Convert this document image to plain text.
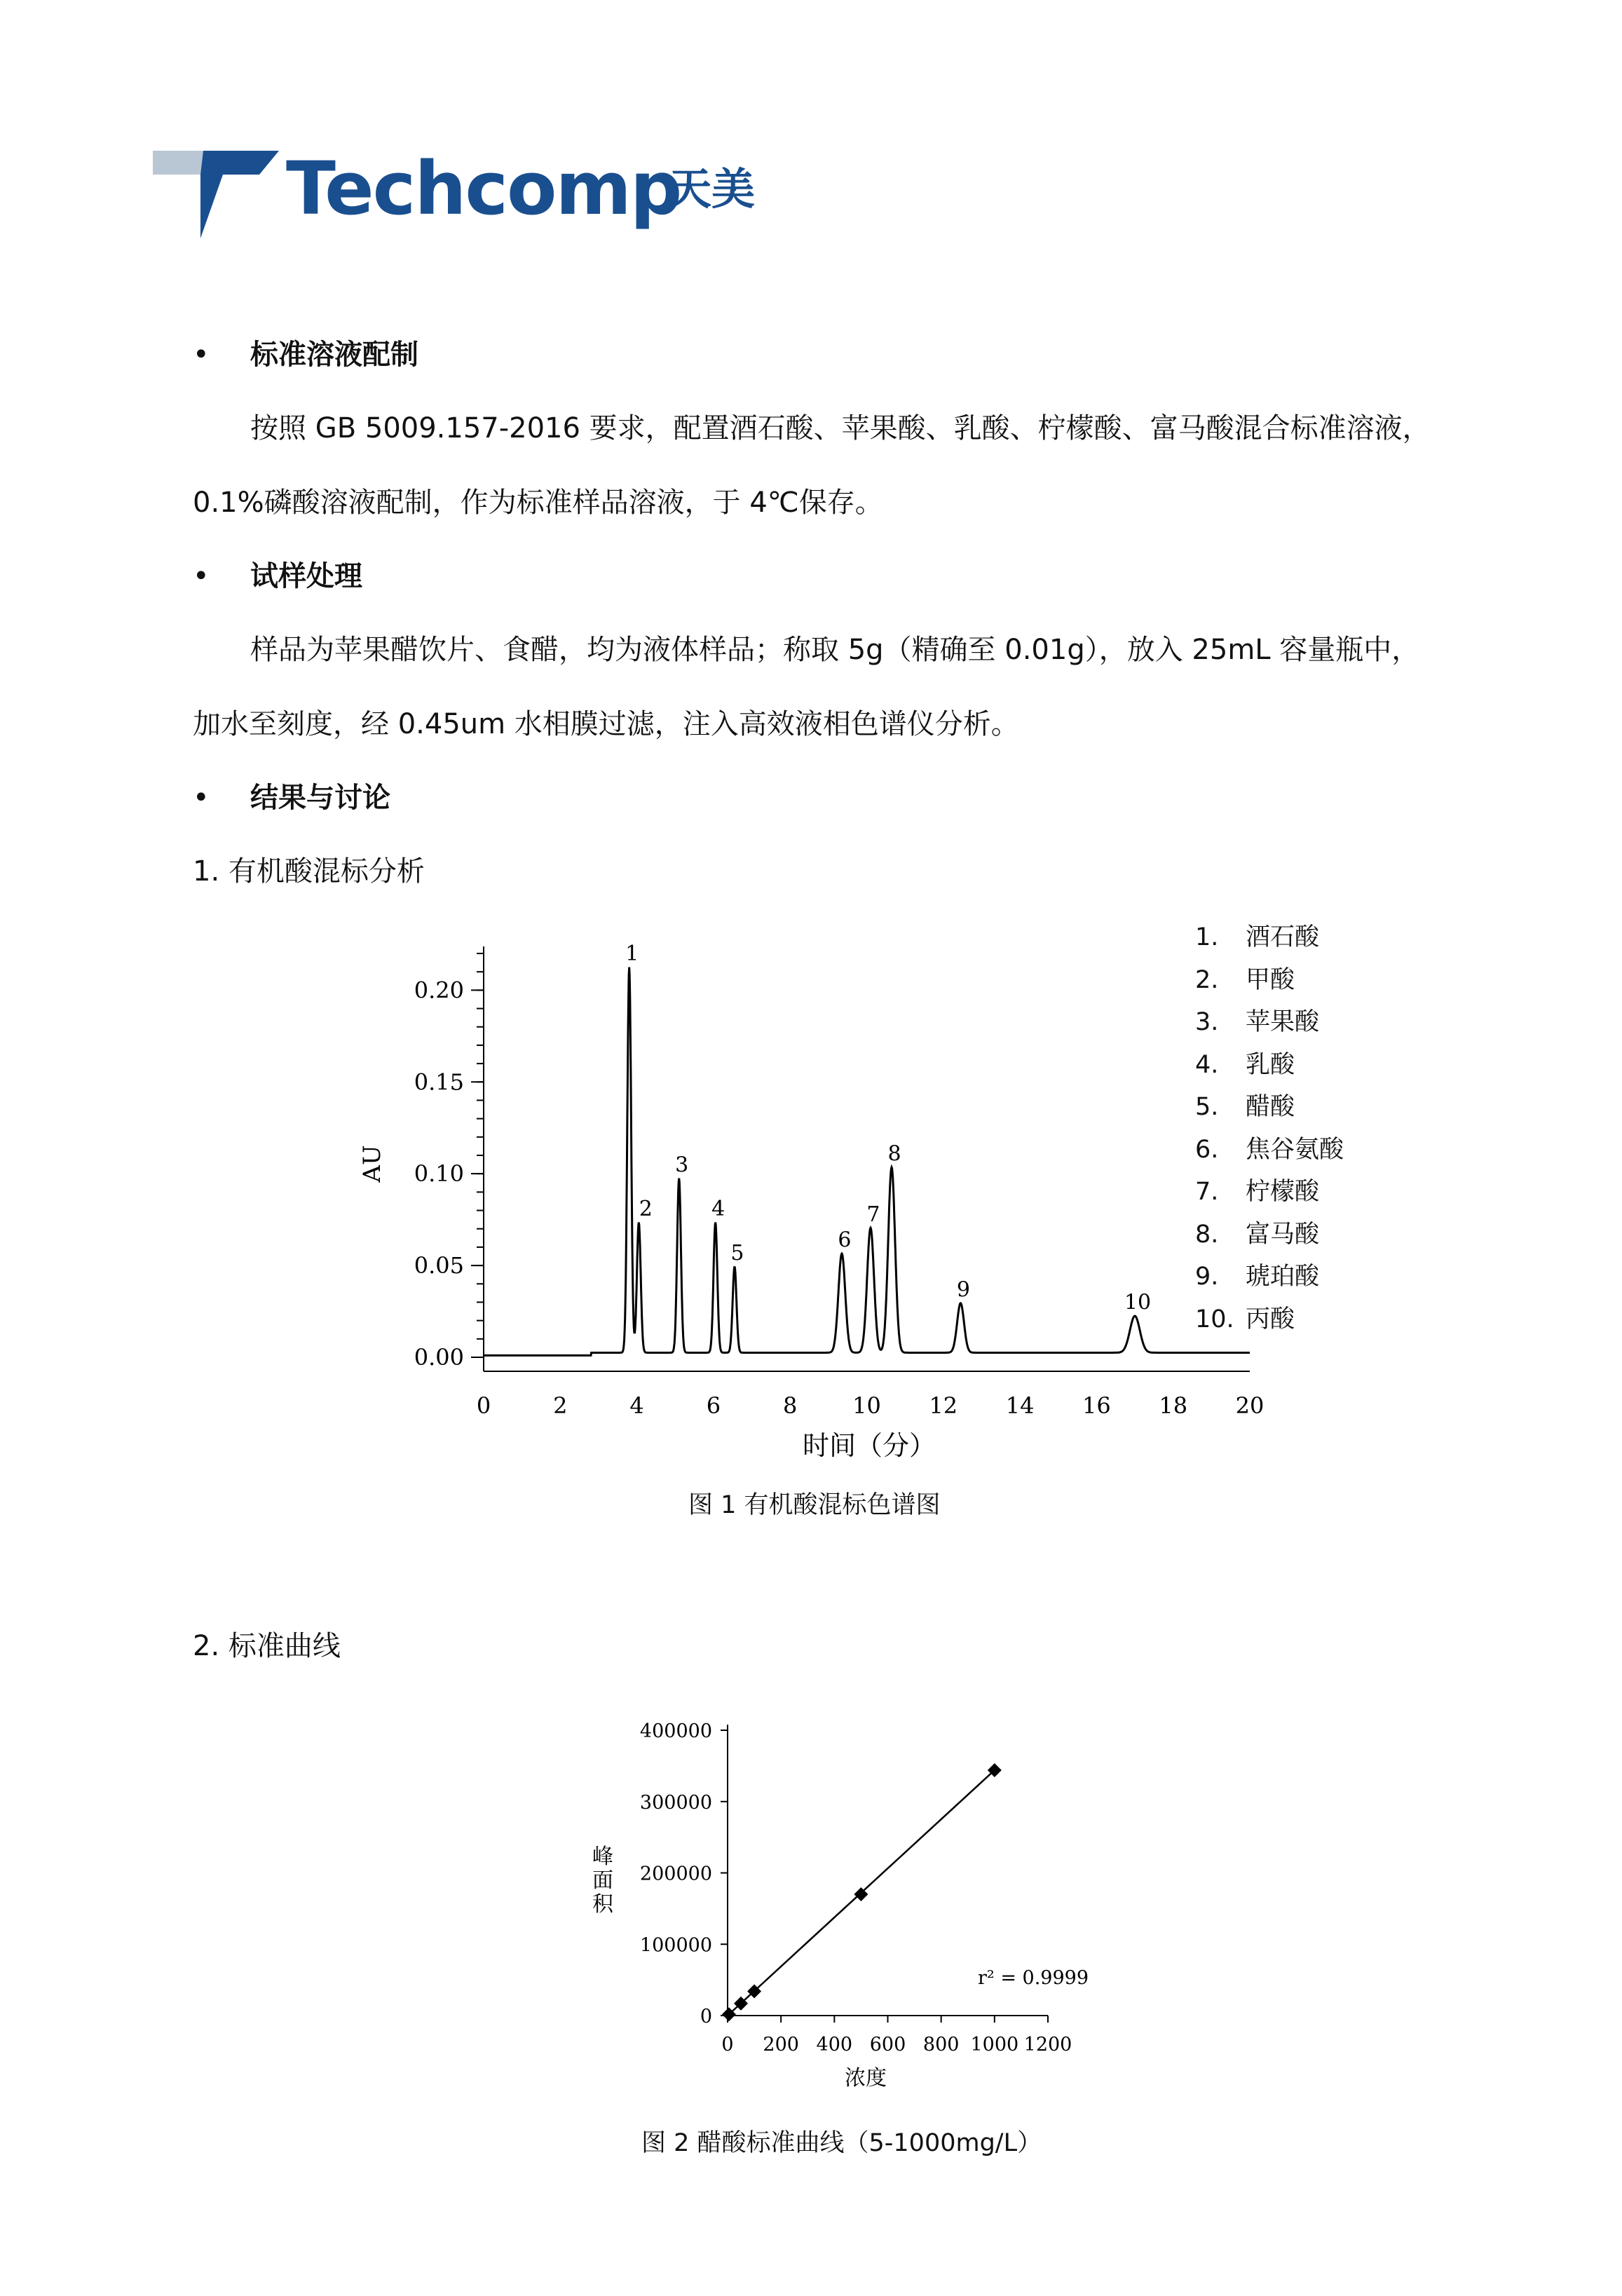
Techcomp
天美
• 标准溶液配制
按照 GB 5009.157-2016 要求，配置酒石酸、苹果酸、乳酸、柠檬酸、富马酸混合标准溶液，
0.1%磷酸溶液配制，作为标准样品溶液，于 4℃保存。
• 试样处理
样品为苹果醋饮片、食醋，均为液体样品；称取 5g（精确至 0.01g），放入 25mL 容量瓶中，
加水至刻度，经 0.45um 水相膜过滤，注入高效液相色谱仪分析。
• 结果与讨论
1. 有机酸混标分析
0.00
0.05
0.10
0.15
0.20
0	2	4	6	8 10 12 14 16 18 20
1
2
3
4
5
6
7
8
9
10
AU
时间（分）
1. 酒石酸
2. 甲酸
3. 苹果酸
4. 乳酸
5. 醋酸
6. 焦谷氨酸
7. 柠檬酸
8. 富马酸
9. 琥珀酸
10. 丙酸
图 1 有机酸混标色谱图
2. 标准曲线
0
100000
200000
300000
400000
0 200 400 600 800 1000 1200
峰
面
积
浓度
r² = 0.9999
图 2 醋酸标准曲线（5-1000mg/L）
